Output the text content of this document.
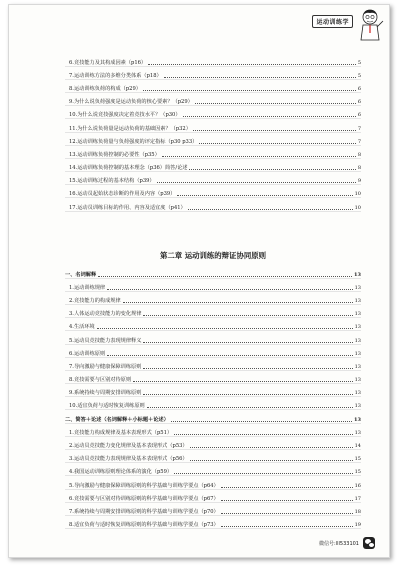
运动训练学
6.竞技能力及其构成因素（p16）	5
7.运动训练方法的多维分类体系（p18）	5
8.运动训练负荷的构成（p29）	6
9.为什么说负荷强度是运动负荷的核心要素？（p29）	6
10.为什么说竞技强度决定着竞技水平？（p30）	6
11.为什么说负荷量是运动负荷的基础因素？（p32）	7
12.运动训练负荷量与负荷强度的评定指标（p30 p33）	7
13.运动训练负荷控制的必要性（p35）	8
14.运动训练负荷控制的基本理念（p36）简答/论述	8
15.运动训练过程的基本结构（p39）	9
16.运动员起始状态诊断的作用及内容（p39）	10
17.运动员训练目标的作用、内容及适宜度（p41）	10
第二章 运动训练的辩证协同原则
一、名词解释	13
1.运动训练规律	13
2.竞技能力的构成规律	13
3.人体运动竞技能力的变化规律	13
4.生活环境	13
5.运动员竞技能力表现规律释义	13
6.运动训练原则	13
7.导向激励与健康保障训练原则	13
8.竞技需要与区别对待原则	13
9.系统持续与周期安排训练原则	13
10.适宜负荷与适时恢复训练原则	13
二、简答＋论述（名词解释＋小标题＋论述）	13
1.竞技能力构成规律及基本表现形式（p51）	13
2.运动员竞技能力变化规律及基本表现形式（p53）	14
3.运动员竞技能力表现规律及基本表现形式（p56）	15
4.我国运动训练原则理论体系的演化（p59）	15
5.导向激励与健康保障训练原则的科学基础与训练学要点（p64）	16
6.竞技需要与区别对待训练原则的科学基础与训练学要点（p67）	17
7.系统持续与周期安排训练原则的科学基础与训练学要点（p70）	18
8.适宜负荷与适时恢复训练原则的科学基础与训练学要点（p73）	19
微信号:lll533101
